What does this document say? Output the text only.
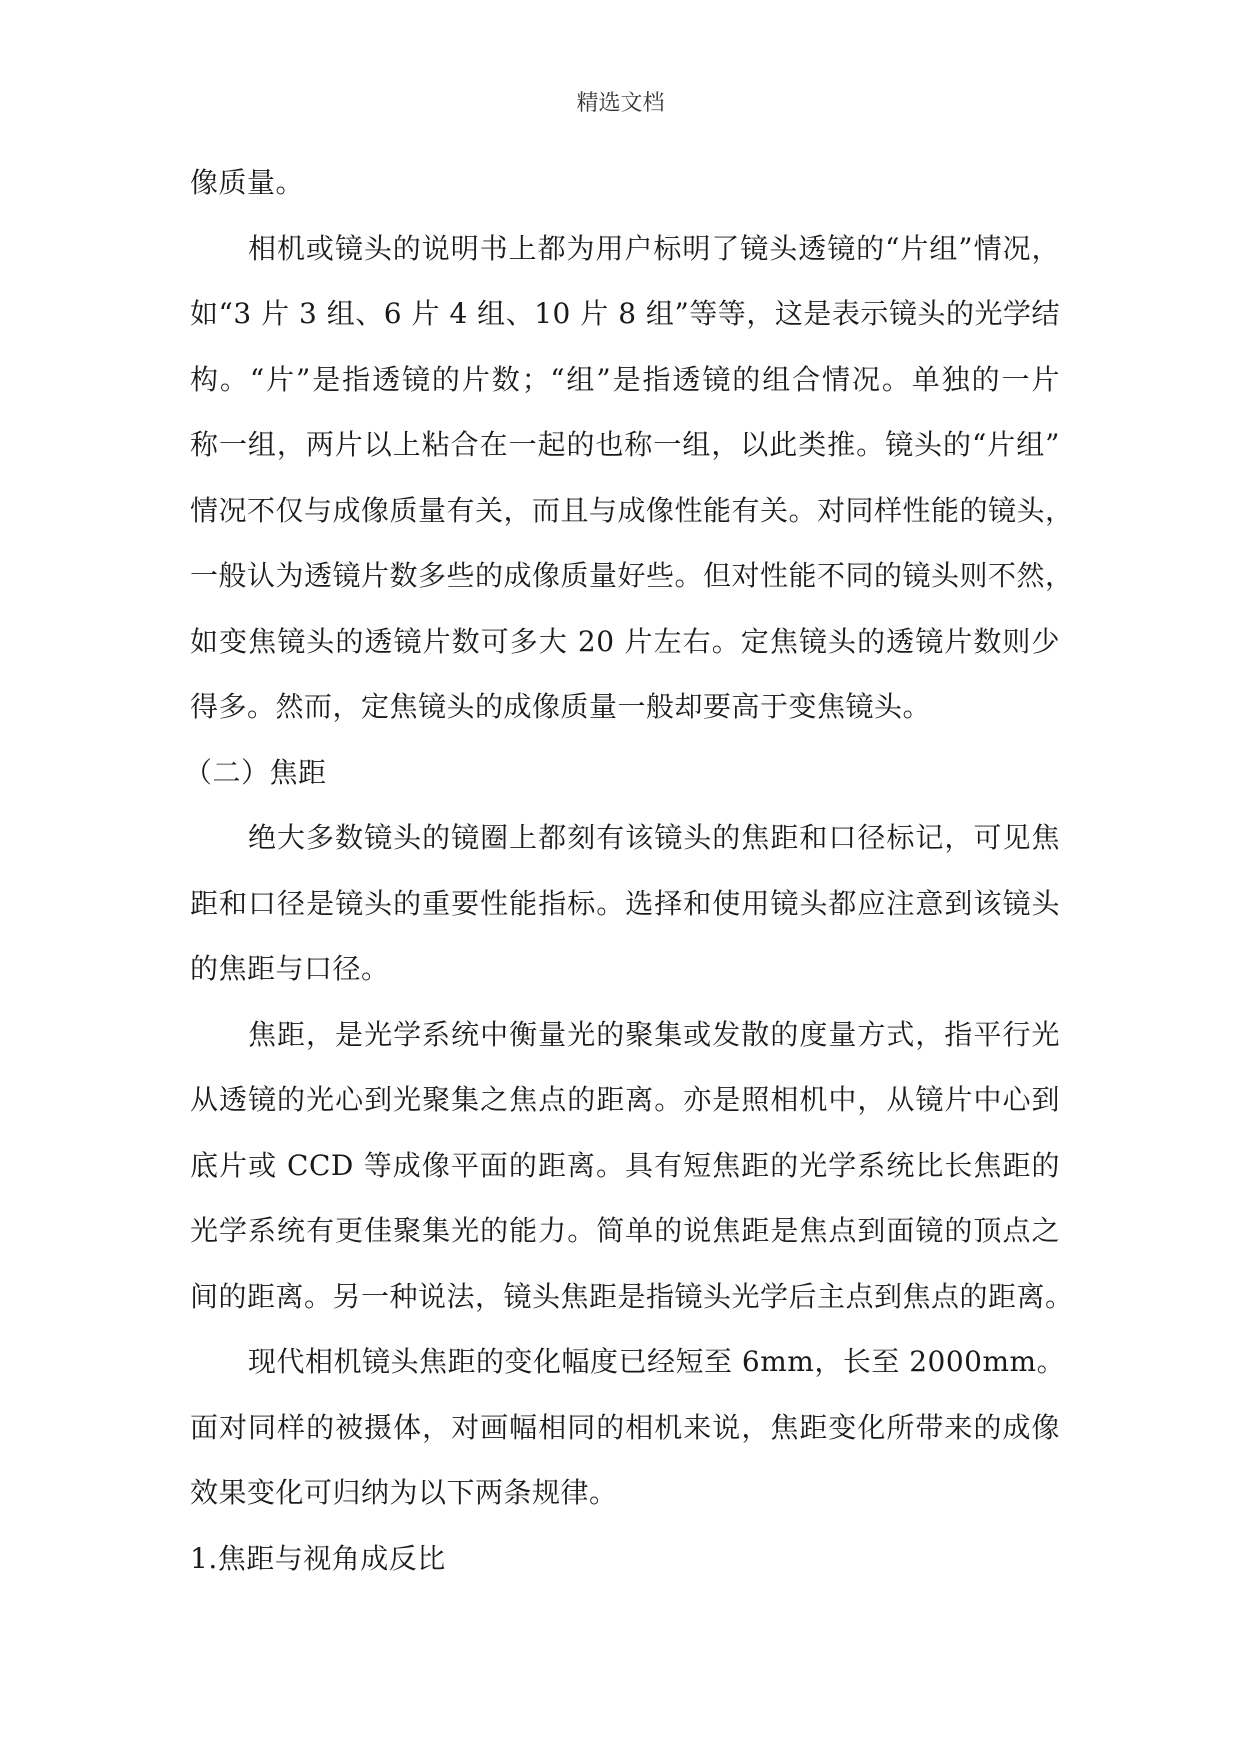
精选文档
像质量。
相机或镜头的说明书上都为用户标明了镜头透镜的“片组”情况，
如“3 片 3 组、6 片 4 组、10 片 8 组”等等，这是表示镜头的光学结
构。“片”是指透镜的片数；“组”是指透镜的组合情况。单独的一片
称一组，两片以上粘合在一起的也称一组，以此类推。镜头的“片组”
情况不仅与成像质量有关，而且与成像性能有关。对同样性能的镜头，
一般认为透镜片数多些的成像质量好些。但对性能不同的镜头则不然，
如变焦镜头的透镜片数可多大 20 片左右。定焦镜头的透镜片数则少
得多。然而，定焦镜头的成像质量一般却要高于变焦镜头。
（二）焦距
绝大多数镜头的镜圈上都刻有该镜头的焦距和口径标记，可见焦
距和口径是镜头的重要性能指标。选择和使用镜头都应注意到该镜头
的焦距与口径。
焦距，是光学系统中衡量光的聚集或发散的度量方式，指平行光
从透镜的光心到光聚集之焦点的距离。亦是照相机中，从镜片中心到
底片或 CCD 等成像平面的距离。具有短焦距的光学系统比长焦距的
光学系统有更佳聚集光的能力。简单的说焦距是焦点到面镜的顶点之
间的距离。另一种说法，镜头焦距是指镜头光学后主点到焦点的距离。
现代相机镜头焦距的变化幅度已经短至 6mm，长至 2000mm。
面对同样的被摄体，对画幅相同的相机来说，焦距变化所带来的成像
效果变化可归纳为以下两条规律。
1.焦距与视角成反比
